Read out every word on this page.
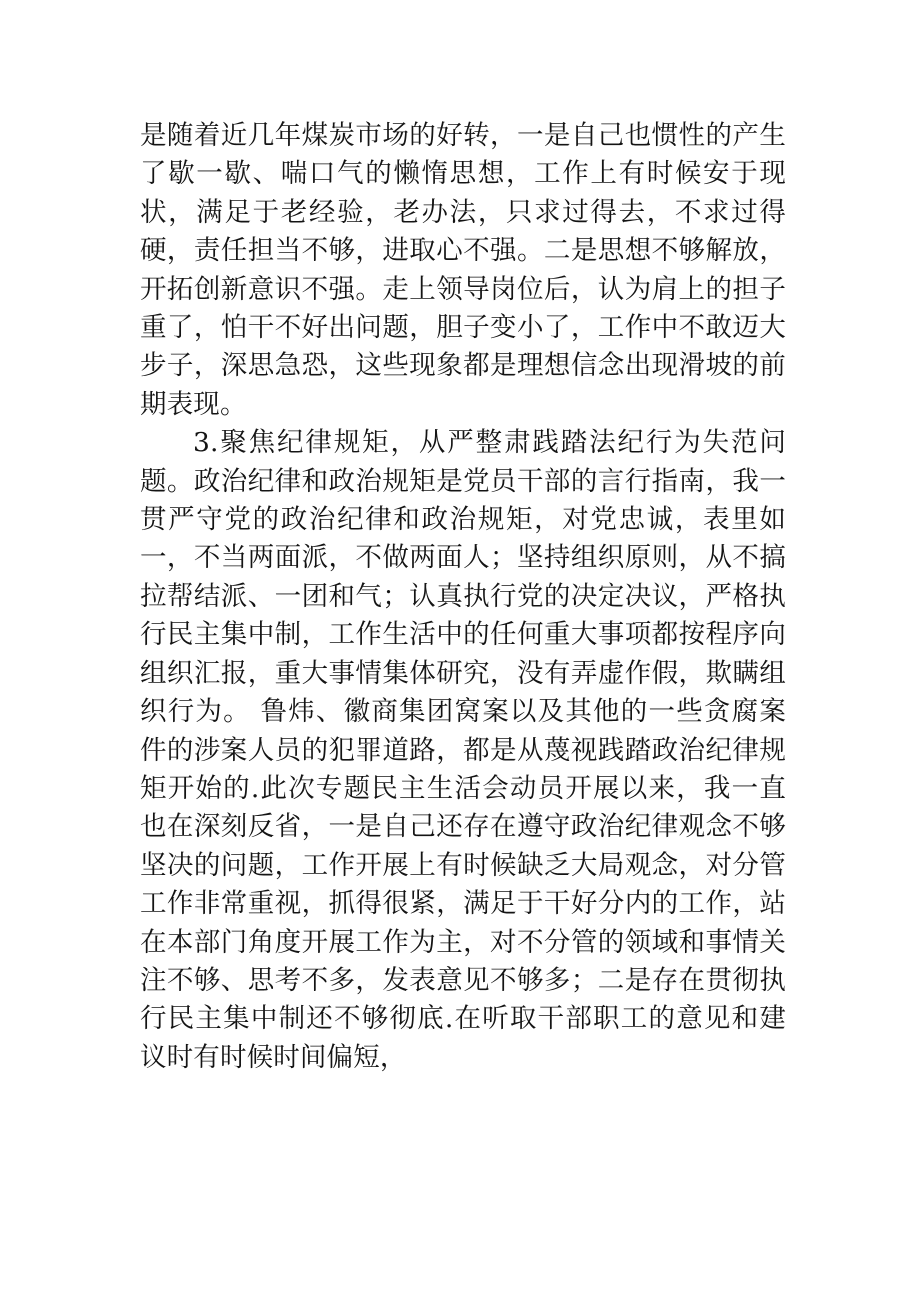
是随着近几年煤炭市场的好转，一是自己也惯性的产生了歇一歇、喘口气的懒惰思想，工作上有时候安于现状，满足于老经验，老办法，只求过得去，不求过得硬，责任担当不够，进取心不强。二是思想不够解放，开拓创新意识不强。走上领导岗位后，认为肩上的担子重了，怕干不好出问题，胆子变小了，工作中不敢迈大步子，深思急恐，这些现象都是理想信念出现滑坡的前期表现。

3.聚焦纪律规矩，从严整肃践踏法纪行为失范问题。政治纪律和政治规矩是党员干部的言行指南，我一贯严守党的政治纪律和政治规矩，对党忠诚，表里如一，不当两面派，不做两面人；坚持组织原则，从不搞拉帮结派、一团和气；认真执行党的决定决议，严格执行民主集中制，工作生活中的任何重大事项都按程序向组织汇报，重大事情集体研究，没有弄虚作假，欺瞒组织行为。 鲁炜、徽商集团窝案以及其他的一些贪腐案件的涉案人员的犯罪道路，都是从蔑视践踏政治纪律规矩开始的.此次专题民主生活会动员开展以来，我一直也在深刻反省，一是自己还存在遵守政治纪律观念不够坚决的问题，工作开展上有时候缺乏大局观念，对分管工作非常重视，抓得很紧，满足于干好分内的工作，站在本部门角度开展工作为主，对不分管的领域和事情关注不够、思考不多，发表意见不够多；二是存在贯彻执行民主集中制还不够彻底.在听取干部职工的意见和建议时有时候时间偏短，
